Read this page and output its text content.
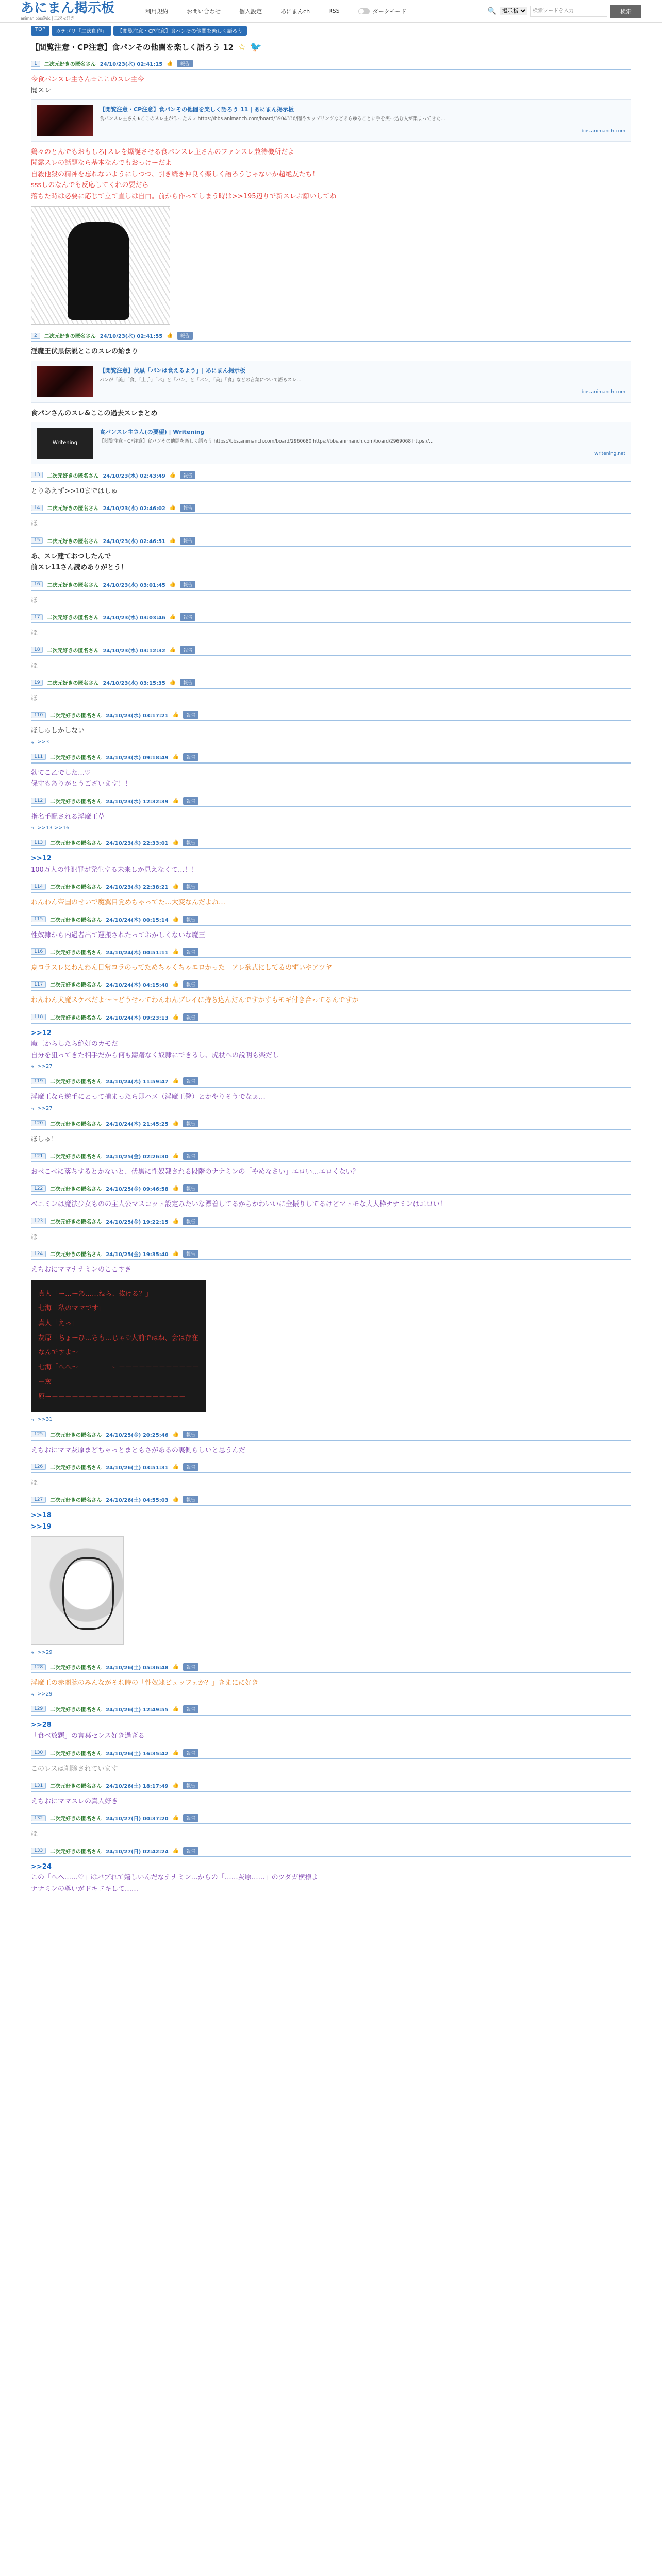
あにまん掲示板
animan bbs@dc | 二次元好き
利用規約	お問い合わせ	個人設定	あにまんch	RSS	ダークモード	🔍
掲示板
検索ワードを入力	検索
TOP	カテゴリ「二次創作」	【閲覧注意・CP注意】食パンその他闇を楽しく語ろう
【閲覧注意・CP注意】食パンその他闇を楽しく語ろう 12 ☆ 🐦
1	二次元好きの匿名さん 24/10/23(水) 02:41:15 👍	報告

今食パンスレ主さん☆ここのスレ主今

闇スレ

【閲覧注意・CP注意】食パンその他闇を楽しく語ろう 11 | あにまん掲示板
食パンスレ主さん★ここのスレ主が作ったスレ https://bbs.animanch.com/board/3904336/闇やカップリングなどあらゆることに手を突っ込む人が集まってきた…
bbs.animanch.com

鶏々のとんでもおもしろ[スレを爆誕させる食パンスレ主さんのファンスレ兼待機所だよ

聞露スレの話題なら基本なんでもおっけーだよ

自殺他殺の精神を忘れないようにしつつ、引き続き仲良く楽しく語ろうじゃないか超絶友たち！

sssしのなんでも反応してくれの要だら

落ちた時は必要に応じて立て直しは自由。前から作ってしまう時は>>195辺りで新スレお願いしてね

2	二次元好きの匿名さん 24/10/23(水) 02:41:55 👍	報告

淫魔王伏黒伝説とこのスレの始まり

【閲覧注意】伏黒「パンは食えるよう」| あにまん掲示板
パンが「美」「食」「上手」「パ」と「パン」と「パン」「美」「食」などの言葉について語るスレ…
bbs.animanch.com

食パンさんのスレ&ここの過去スレまとめ

Writening
食パンスレ主さん(の要望) | Writening
【閲覧注意・CP注意】食パンその他闇を楽しく語ろう https://bbs.animanch.com/board/2960680 https://bbs.animanch.com/board/2969068 https://...
writening.net
13	二次元好きの匿名さん 24/10/23(水) 02:43:49 👍	報告

とりあえず>>10まではしゅ

14	二次元好きの匿名さん 24/10/23(水) 02:46:02 👍	報告

ほ

15	二次元好きの匿名さん 24/10/23(水) 02:46:51 👍	報告

あ、スレ建ておつしたんで

前スレ11さん読めありがとう！

16	二次元好きの匿名さん 24/10/23(水) 03:01:45 👍	報告

ほ

17	二次元好きの匿名さん 24/10/23(水) 03:03:46 👍	報告

ほ

18	二次元好きの匿名さん 24/10/23(水) 03:12:32 👍	報告

ほ

19	二次元好きの匿名さん 24/10/23(水) 03:15:35 👍	報告

ほ

110	二次元好きの匿名さん 24/10/23(水) 03:17:21 👍	報告

ほしゅしかしない

⤷ >>3
111	二次元好きの匿名さん 24/10/23(水) 09:18:49 👍	報告

勃てこ乙でした…♡

保守もありがとうございます！！

112	二次元好きの匿名さん 24/10/23(水) 12:32:39 👍	報告

指名手配される淫魔王草

⤷ >>13 >>16
113	二次元好きの匿名さん 24/10/23(水) 22:33:01 👍	報告

>>12

100万人の性犯罪が発生する未来しか見えなくて…！！

114	二次元好きの匿名さん 24/10/23(水) 22:38:21 👍	報告

わんわん帝国のせいで魔翼目覚めちゃってた…大変なんだよね…

115	二次元好きの匿名さん 24/10/24(木) 00:15:14 👍	報告

性奴隷から内過者出て運搬されたっておかしくないな魔王

116	二次元好きの匿名さん 24/10/24(木) 00:51:11 👍	報告

夏コラスレにわんわん日常コラのってためちゃくちゃエロかった　アレ欲式にしてるのずいやアツヤ

117	二次元好きの匿名さん 24/10/24(木) 04:15:40 👍	報告

わんわん犬魔スケベだよ〜〜どうせってわんわんプレイに持ち込んだんですかすもモギ付き合ってるんですか

118	二次元好きの匿名さん 24/10/24(木) 09:23:13 👍	報告

>>12

魔王からしたら絶好のカモだ

自分を狙ってきた相手だから何も躊躇なく奴隷にできるし、虎杖への説明も楽だし

⤷ >>27
119	二次元好きの匿名さん 24/10/24(木) 11:59:47 👍	報告

淫魔王なら逆手にとって捕まったら即ハメ（淫魔王警）とかやりそうでなぁ…

⤷ >>27
120	二次元好きの匿名さん 24/10/24(木) 21:45:25 👍	報告

ほしゅ！

121	二次元好きの匿名さん 24/10/25(金) 02:26:30 👍	報告

おべこべに落ちするとかないと、伏黒に性奴隷される段階のナナミンの「やめなさい」エロい…エロくない？

122	二次元好きの匿名さん 24/10/25(金) 09:46:58 👍	報告

ベニミンは魔法少女ものの主人公マスコット設定みたいな漂着してるからかわいいに全振りしてるけどマトモな大人枠ナナミンはエロい！

123	二次元好きの匿名さん 24/10/25(金) 19:22:15 👍	報告

ほ

124	二次元好きの匿名さん 24/10/25(金) 19:35:40 👍	報告

えちおにママナナミンのここすき

真人「ー…ーあ……ねら、抜ける？」
七海「私のママです」
真人「えっ」
灰原「ちょーひ…ちも…じゃ♡人前ではね、会は存在なんですよ〜
七海「へへ〜　　　　　ー－－－－－－－－－－－－－灰
原ー－－－－－－－－－－－－－－－－－－－－
⤷ >>31
125	二次元好きの匿名さん 24/10/25(金) 20:25:46 👍	報告

えちおにママ灰原まどちゃっとまともさがあるの裏側らしいと思うんだ

126	二次元好きの匿名さん 24/10/26(土) 03:51:31 👍	報告

ほ

127	二次元好きの匿名さん 24/10/26(土) 04:55:03 👍	報告

>>18

>>19

⤷ >>29
128	二次元好きの匿名さん 24/10/26(土) 05:36:48 👍	報告

淫魔王の赤蘭腕のみんながそれ時の「性奴隷ビュッフェか？」きまにに好き

⤷ >>29
129	二次元好きの匿名さん 24/10/26(土) 12:49:55 👍	報告

>>28

「食べ放題」の言葉センス好き過ぎる

130	二次元好きの匿名さん 24/10/26(土) 16:35:42 👍	報告

このレスは削除されています

131	二次元好きの匿名さん 24/10/26(土) 18:17:49 👍	報告

えちおにママスレの真人好き

132	二次元好きの匿名さん 24/10/27(日) 00:37:20 👍	報告

ほ

133	二次元好きの匿名さん 24/10/27(日) 02:42:24 👍	報告

>>24

この「へへ……♡」はバブれて嬉しいんだなナナミン…からの「……灰原……」のツダガ横様よ

ナナミンの尊いがドキドキして……
